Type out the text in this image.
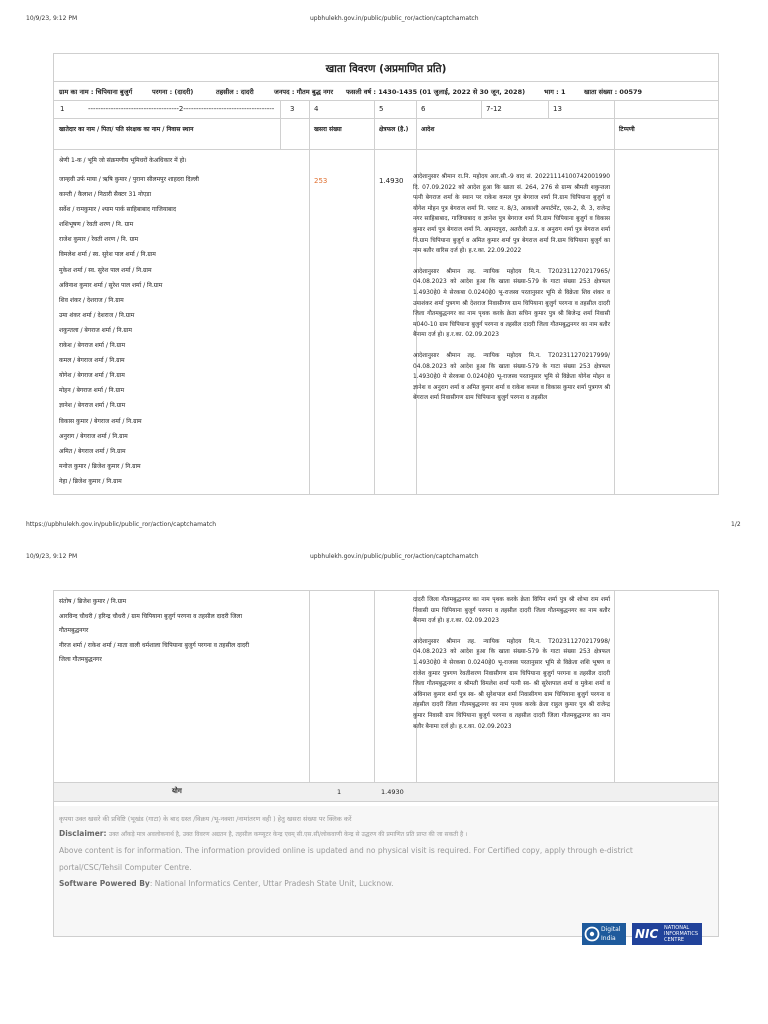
10/9/23, 9:12 PM	upbhulekh.gov.in/public/public_ror/action/captchamatch
खाता विवरण (अप्रमाणित प्रति)
ग्राम का नाम : चिपियाना बुजुर्ग	परगना : (दादरी)	तहसील : दादरी	जनपद : गौतम बुद्ध नगर फसली वर्ष : 1430-1435 (01 जुलाई, 2022 से 30 जून, 2028)	भाग : 1	खाता संख्या : 00579
1	------------------------------------2------------------------------------ 3	4	5	6	7-12	13
खातेदार का नाम / पिता/ पति संरक्षक का नाम / निवास स्थान	खसरा संख्या	क्षेत्रफल (है.)	आदेश	टिप्पणी
श्रेणी 1-क / भूमि जो संक्रमणीय भूमिधरों केअधिकार में हो।
जान्हवी उर्फ माया / ऋषि कुमार / पुराना सीलमपुर शाहदरा दिल्ली
कान्ती / कैलाश / निठारी सैक्टर 31 नोएडा
सर्वेश / रामकुमार / श्याम पार्क साहिबाबाद गाजियाबाद
शशिभूषण / रेवती शरण / नि. ग्राम
राजेश कुमार / रेवती शरण / नि. ग्राम
विमलेश शर्मा / स्व. सुरेश पाल शर्मा / नि.ग्राम
मुकेश शर्मा / स्व. सुरेश पाल शर्मा / नि.ग्राम
अविनाश कुमार शर्मा / सुरेश पाल शर्मा / नि.ग्राम
शिव शंकर / देशराज / नि.ग्राम
उमा शंकर शर्मा / देशराज / नि.ग्राम
शकुन्तला / बेगराज शर्मा / नि.ग्राम
राकेश / बेगराज शर्मा / नि.ग्राम
कमल / बेगराज शर्मा / नि.ग्राम
योगेश / बेगराज शर्मा / नि.ग्राम
मोहन / बेगराज शर्मा / नि.ग्राम
ज्ञानेश / बेगराज शर्मा / नि.ग्राम
विकास कुमार / बेगराज शर्मा / नि.ग्राम
अनुराग / बेगराज शर्मा / नि.ग्राम
अमित / बेगराज शर्मा / नि.ग्राम
मनोज कुमार / ब्रिजेश कुमार / नि.ग्राम
नेहा / ब्रिजेश कुमार / नि.ग्राम
253	1.4930 आदेशानुसार श्रीमान रा.नि. महोदय आर.सी.-9 वाद सं. 20221114100742001990 दि. 07.09.2022 को आदेश हुआ कि खाता सं. 264, 276 से ग्राम्य श्रीमती शकुन्तला पत्नी बेगराज शर्मा के स्थान पर राकेश कमल पुत्र बेगराज शर्मा नि.ग्राम चिपियाना बुजुर्ग व योगेश मोहन पुत्र बेगराज शर्मा नि. प्लाट न. 8/3, आकाशी अपार्टमेंट, एस-2, सै. 3, राजेन्द्र नगर साहिबाबाद, गाजियाबाद व ज्ञानेश पुत्र बेगराज शर्मा नि.ग्राम चिपियाना बुजुर्ग व विकास कुमार शर्मा पुत्र बेगराज शर्मा नि. अहमदपुरा, अतरौली उ.प्र. व अनुराग शर्मा पुत्र बेगराज शर्मा नि.ग्राम चिपियाना बुजुर्ग व अमित कुमार शर्मा पुत्र बेगराज शर्मा नि.ग्राम चिपियाना बुजुर्ग का नाम बतौर वारिस दर्ज हो। ह.र.का. 22.09.2022

आदेशानुसार श्रीमान तह. न्यायिक महोदय मि.न. T202311270217965/ 04.08.2023 को आदेश हुआ कि खाता संख्या-579 के गाटा संख्या 253 क्षेत्रफल 1.4930हे0 मे सेरकबा 0.0240हे0 भू-राजस्व परतानुसार भूमि से विक्रेता शिव शंकर व उमाशंकर शर्मा पुत्रगण श्री देशराज निवासीगण ग्राम चिपियाना बुजुर्ग परगना व तहसील दादरी जिला गौतमबुद्धनगर का नाम पृथक करके क्रेता सचिन कुमार पुत्र श्री बिजेन्द्र शर्मा निवासी म040-10 ग्राम चिपियाना बुजुर्ग परगना व तहसील दादरी जिला गौतमबुद्धनगर का नाम बतौर बैनामा दर्ज हो। ह.र.का. 02.09.2023

आदेशानुसार श्रीमान तह. न्यायिक महोदय मि.न. T202311270217999/ 04.08.2023 को आदेश हुआ कि खाता संख्या-579 के गाटा संख्या 253 क्षेत्रफल 1.4930हे0 मे सेरकबा 0.0240हे0 भू-राजस्व परतानुसार भूमि से विक्रेता योगेश मोहन व ज्ञानेश व अनुराग शर्मा व अमित कुमार शर्मा व राकेश कमल व विकास कुमार शर्मा पुत्रगण श्री बेगराज शर्मा निवासीगण ग्राम चिपियाना बुजुर्ग परगना व तहसील

https://upbhulekh.gov.in/public/public_ror/action/captchamatch	1/2
10/9/23, 9:12 PM	upbhulekh.gov.in/public/public_ror/action/captchamatch
संतोष / ब्रिजेश कुमार / नि.ग्राम
आरविन्द चौधरी / हरिन्द्र चौधरी / ग्राम चिपियाना बुजुर्ग परगना व तहसील दादरी जिला
गौतमबुद्धनगर
नीरज शर्मा / राकेश शर्मा / माता वाली धर्मशाला चिपियाना बुजुर्ग परगना व तहसील दादरी
जिला गौतमबुद्धनगर

दादरी जिला गौतमबुद्धनगर का नाम पृथक करके क्रेता विपिन शर्मा पुत्र श्री शोभा राम शर्मा निवासी ग्राम चिपियाना बुजुर्ग परगना व तहसील दादरी जिला गौतमबुद्धनगर का नाम बतौर बैनामा दर्ज हो। ह.र.का. 02.09.2023

आदेशानुसार श्रीमान तह. न्यायिक महोदय मि.न. T202311270217998/ 04.08.2023 को आदेश हुआ कि खाता संख्या-579 के गाटा संख्या 253 क्षेत्रफल 1.4930हे0 मे सेरकबा 0.0240हे0 भू-राजस्व परतानुसार भूमि से विक्रेता शशि भूषण व राजेश कुमार पुत्रगण रेवतीशरण निवासीगण ग्राम चिपियाना बुजुर्ग परगना व तहसील दादरी जिला गौतमबुद्धनगर व श्रीमती विमलेश शर्मा पत्नी स्व- श्री सुरेशपाल शर्मा व मुकेश शर्मा व अविनाश कुमार शर्मा पुत्र स्व- श्री सुरेशपाल शर्मा निवासीगण ग्राम चिपियाना बुजुर्ग परगना व तहसील दादरी जिला गौतमबुद्धनगर का नाम पृथक करके क्रेता राहुल कुमार पुत्र श्री राजेन्द्र कुमार निवासी ग्राम चिपियाना बुजुर्ग परगना व तहसील दादरी जिला गौतमबुद्धनगर का नाम बतौर बैनामा दर्ज हो। ह.र.का. 02.09.2023

योग	1	1.4930
कृपया उक्त खसरे की प्रविष्टि (भूखंड (गाटा) के बाद ग्रस्त /विक्रय /भू-नक्शा /नामांतरण वही ) हेतु खसरा संख्या पर क्लिक करें
Disclaimer: उक्त आँकड़े मात्र अवलोकनार्थ है, उक्त विवरण अद्यतन है, तहसील कम्प्यूटर केन्द्र एवम् सी.एस.सी/लोकवाणी केन्द्र से उद्धरण की प्रमाणित प्रति प्राप्त की जा सकती है ।
Above content is for information. The information provided online is updated and no physical visit is required. For Certified copy, apply through e-district
portal/CSC/Tehsil Computer Centre.
Software Powered By: National Informatics Center, Uttar Pradesh State Unit, Lucknow.
Digital
India NIC NATIONAL
INFORMATICS
CENTRE
